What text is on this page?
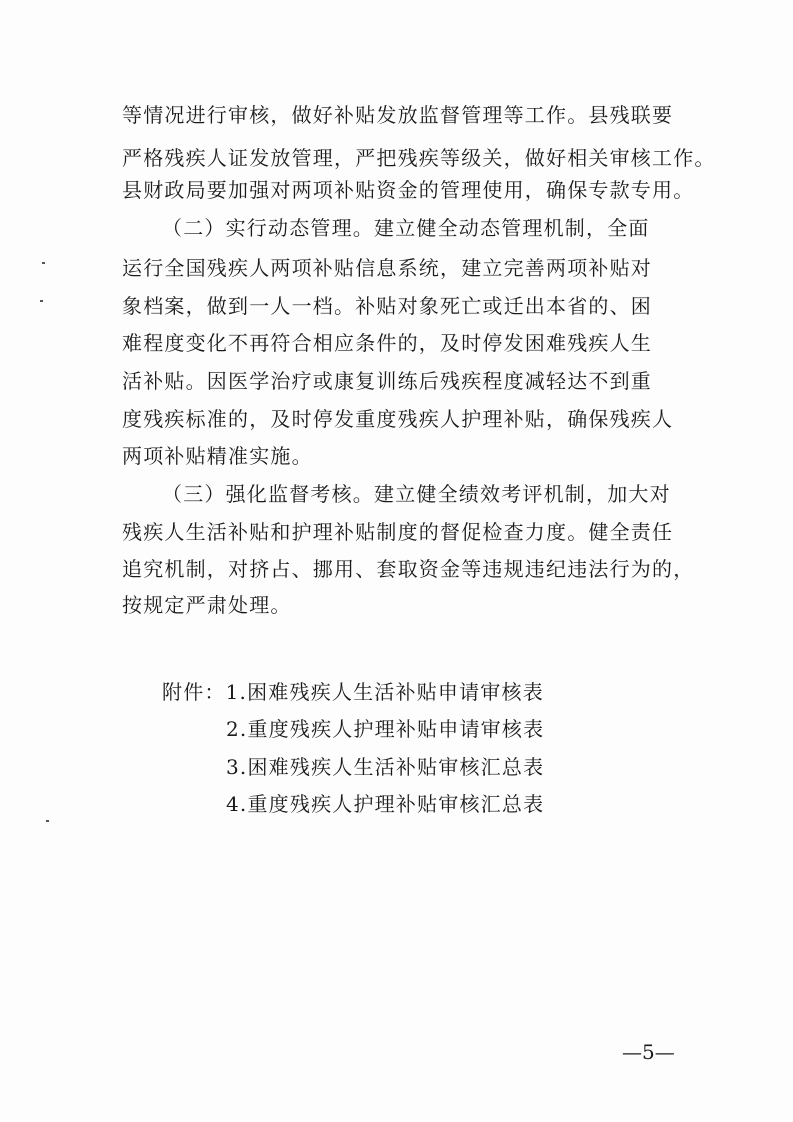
等情况进行审核，做好补贴发放监督管理等工作。县残联要
严格残疾人证发放管理，严把残疾等级关，做好相关审核工作。
县财政局要加强对两项补贴资金的管理使用，确保专款专用。
（二）实行动态管理。建立健全动态管理机制，全面
运行全国残疾人两项补贴信息系统，建立完善两项补贴对
象档案，做到一人一档。补贴对象死亡或迁出本省的、困
难程度变化不再符合相应条件的，及时停发困难残疾人生
活补贴。因医学治疗或康复训练后残疾程度减轻达不到重
度残疾标准的，及时停发重度残疾人护理补贴，确保残疾人
两项补贴精准实施。
（三）强化监督考核。建立健全绩效考评机制，加大对
残疾人生活补贴和护理补贴制度的督促检查力度。健全责任
追究机制，对挤占、挪用、套取资金等违规违纪违法行为的，
按规定严肃处理。
附件：1.困难残疾人生活补贴申请审核表
2.重度残疾人护理补贴申请审核表
3.困难残疾人生活补贴审核汇总表
4.重度残疾人护理补贴审核汇总表
—5—
